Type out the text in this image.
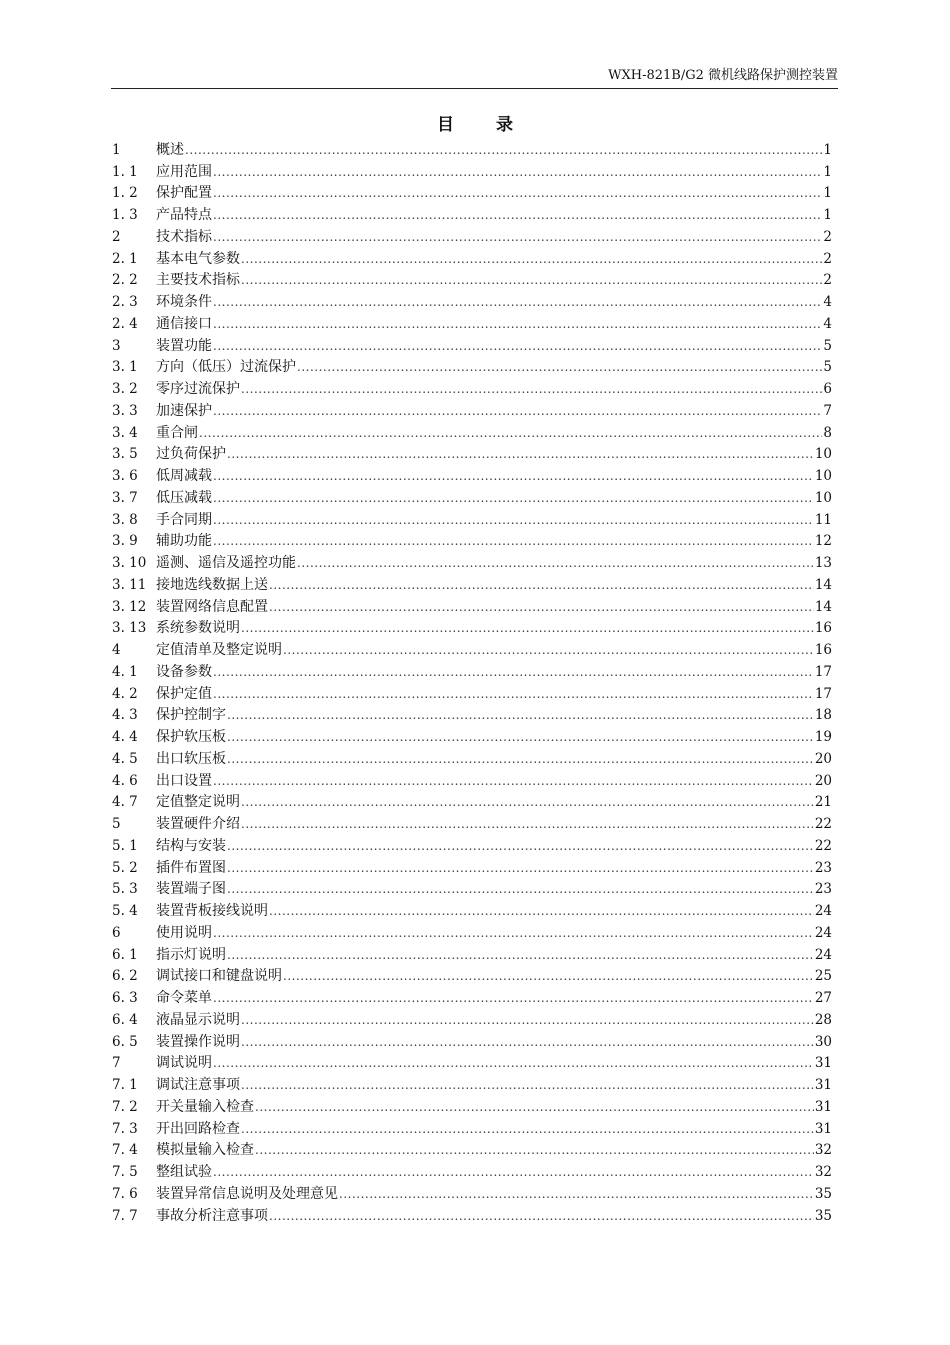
WXH-821B/G2 微机线路保护测控装置
目 录
1	概述 .....	1
1. 1	应用范围 .....	1
1. 2	保护配置 .....	1
1. 3	产品特点 .....	1
2	技术指标 .....	2
2. 1	基本电气参数 .....	2
2. 2	主要技术指标 .....	2
2. 3	环境条件 .....	4
2. 4	通信接口 .....	4
3	装置功能 .....	5
3. 1	方向（低压）过流保护 .....	5
3. 2	零序过流保护 .....	6
3. 3	加速保护 .....	7
3. 4	重合闸 .....	8
3. 5	过负荷保护 .....	10
3. 6	低周减载 .....	10
3. 7	低压减载 .....	10
3. 8	手合同期 .....	11
3. 9	辅助功能 .....	12
3. 10 遥测、遥信及遥控功能 .....	13
3. 11 接地选线数据上送 .....	14
3. 12 装置网络信息配置 .....	14
3. 13 系统参数说明 .....	16
4	定值清单及整定说明 .....	16
4. 1	设备参数 .....	17
4. 2	保护定值 .....	17
4. 3	保护控制字 .....	18
4. 4	保护软压板 .....	19
4. 5	出口软压板 .....	20
4. 6	出口设置 .....	20
4. 7	定值整定说明 .....	21
5	装置硬件介绍 .....	22
5. 1	结构与安装 .....	22
5. 2	插件布置图 .....	23
5. 3	装置端子图 .....	23
5. 4	装置背板接线说明 .....	24
6	使用说明 .....	24
6. 1	指示灯说明 .....	24
6. 2	调试接口和键盘说明 .....	25
6. 3	命令菜单 .....	27
6. 4	液晶显示说明 .....	28
6. 5	装置操作说明 .....	30
7	调试说明 .....	31
7. 1	调试注意事项 .....	31
7. 2	开关量输入检查 .....	31
7. 3	开出回路检查 .....	31
7. 4	模拟量输入检查 .....	32
7. 5	整组试验 .....	32
7. 6	装置异常信息说明及处理意见 .....	35
7. 7	事故分析注意事项 .....	35
